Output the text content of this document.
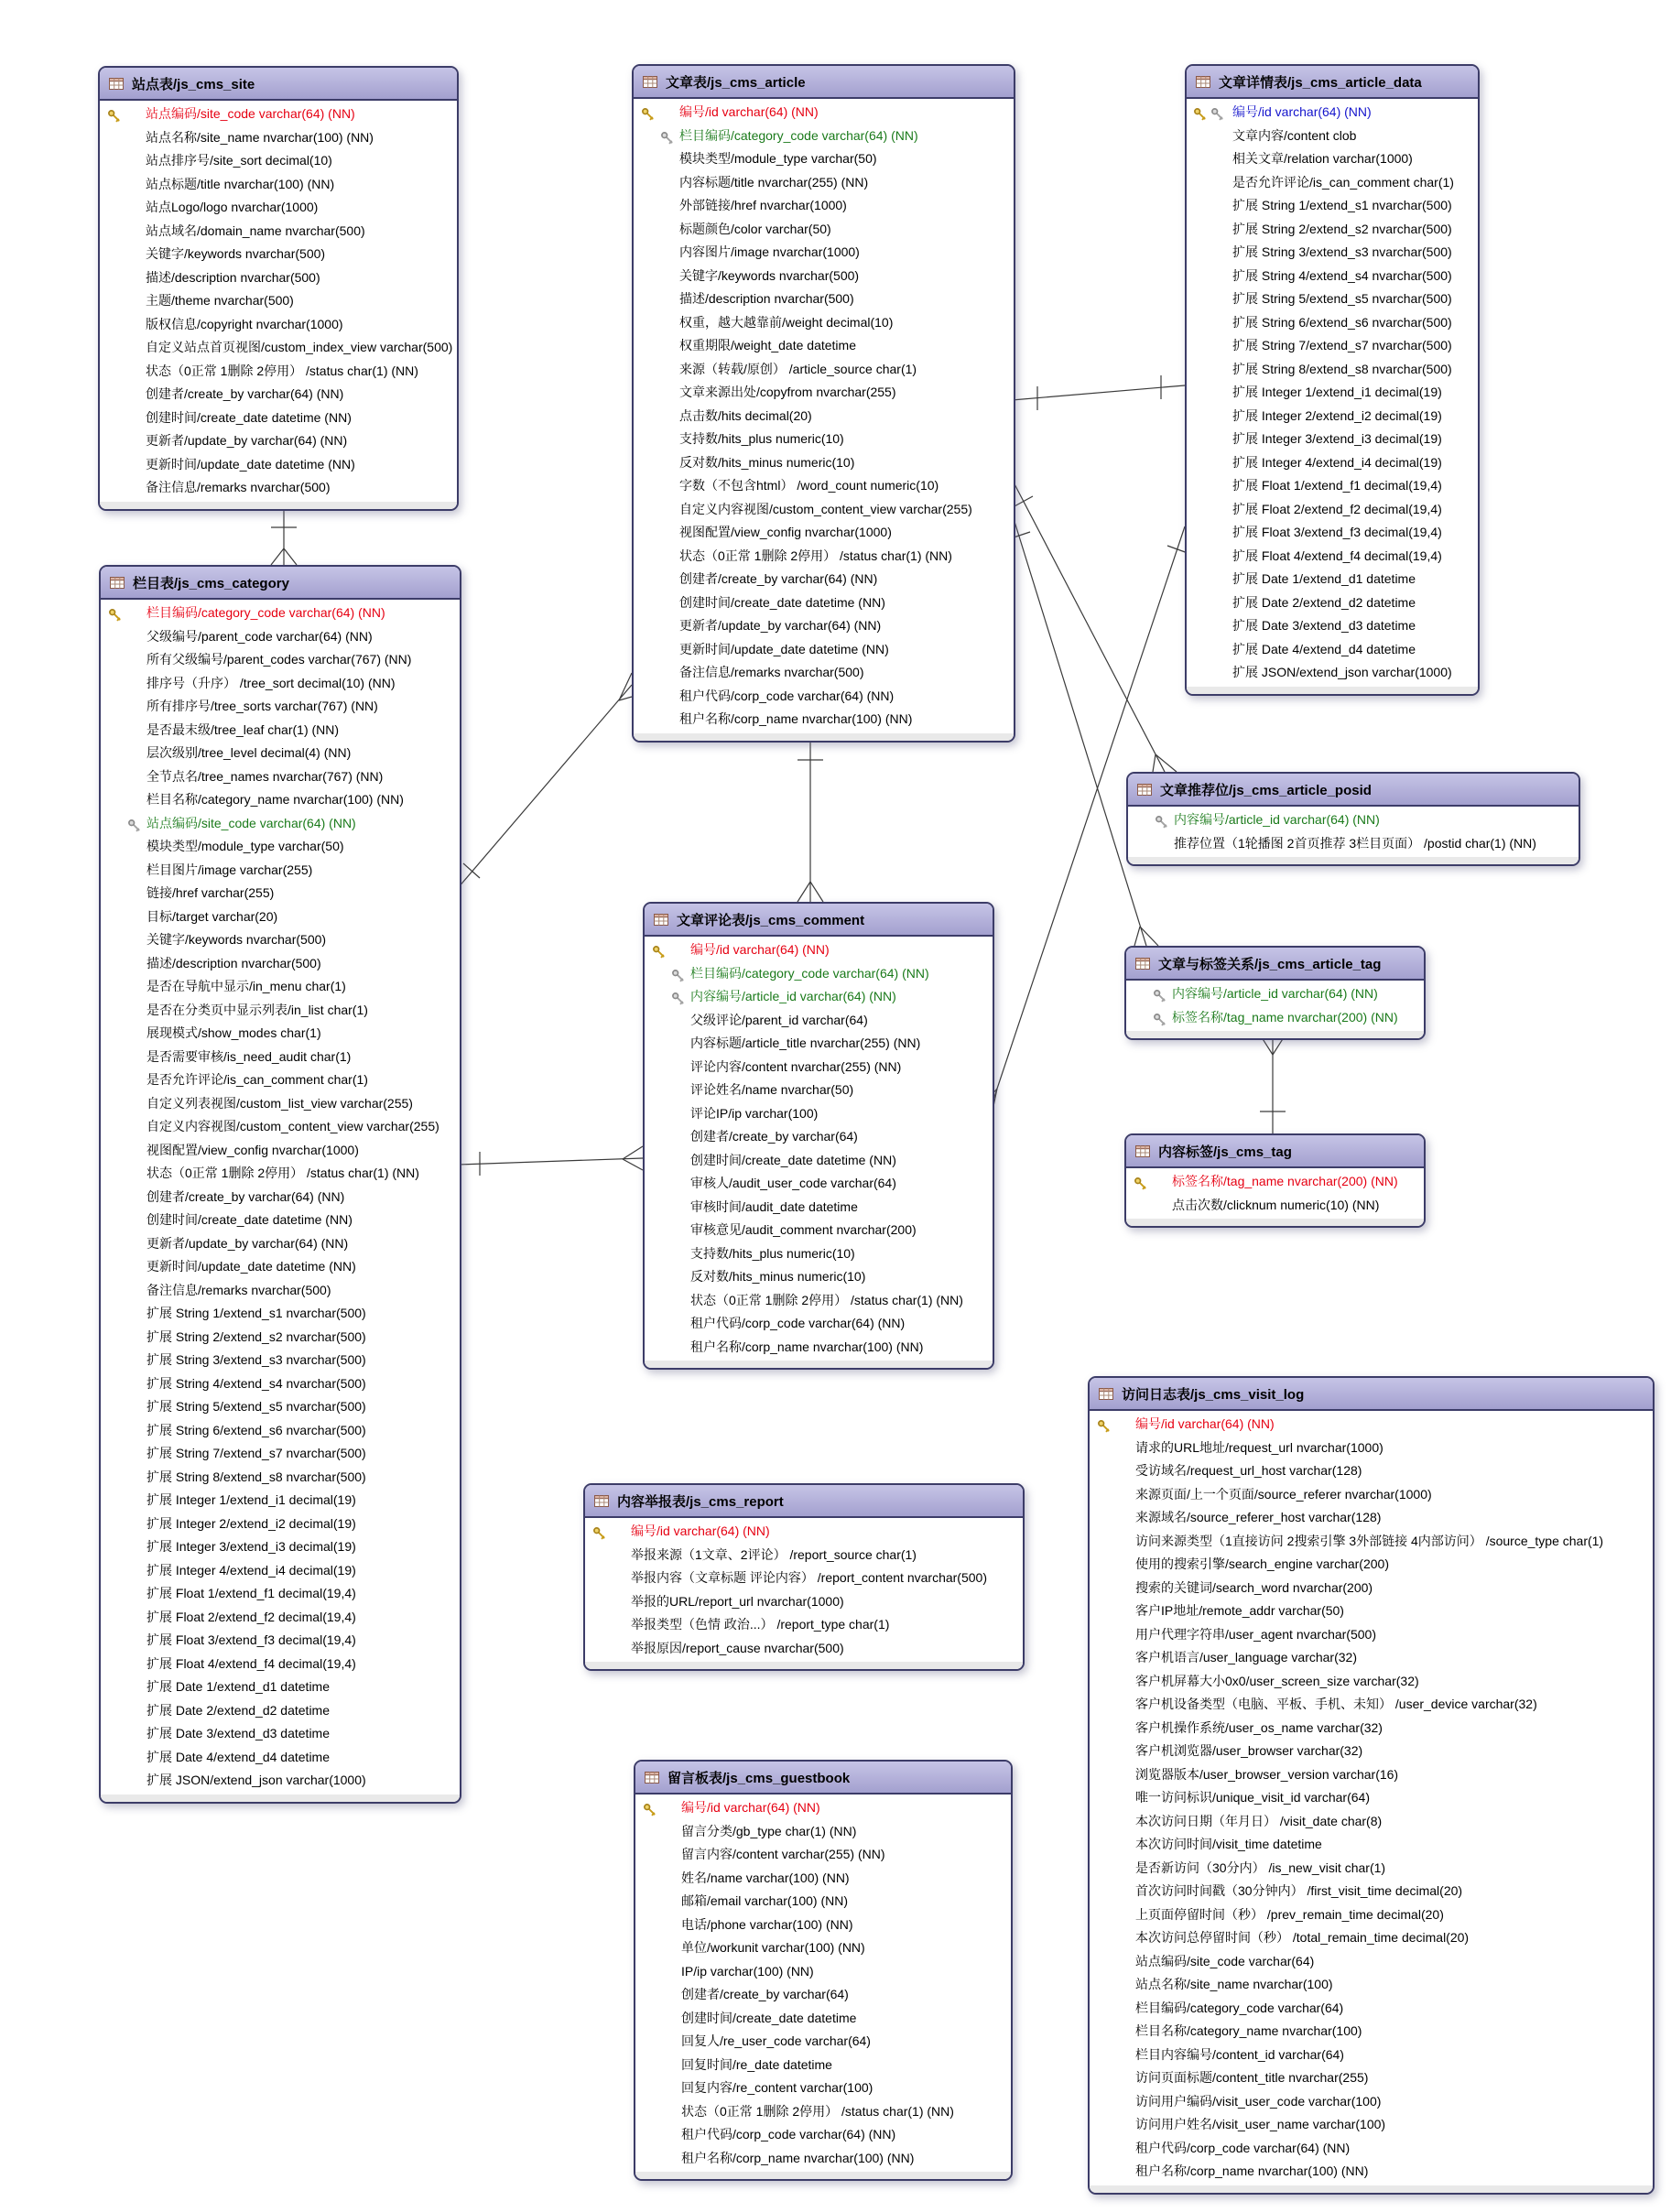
站点表/js_cms_site
站点编码/site_code varchar(64) (NN)
站点名称/site_name nvarchar(100) (NN)
站点排序号/site_sort decimal(10)
站点标题/title nvarchar(100) (NN)
站点Logo/logo nvarchar(1000)
站点域名/domain_name nvarchar(500)
关键字/keywords nvarchar(500)
描述/description nvarchar(500)
主题/theme nvarchar(500)
版权信息/copyright nvarchar(1000)
自定义站点首页视图/custom_index_view varchar(500)
状态（0正常 1删除 2停用） /status char(1) (NN)
创建者/create_by varchar(64) (NN)
创建时间/create_date datetime (NN)
更新者/update_by varchar(64) (NN)
更新时间/update_date datetime (NN)
备注信息/remarks nvarchar(500)
栏目表/js_cms_category
栏目编码/category_code varchar(64) (NN)
父级编号/parent_code varchar(64) (NN)
所有父级编号/parent_codes varchar(767) (NN)
排序号（升序） /tree_sort decimal(10) (NN)
所有排序号/tree_sorts varchar(767) (NN)
是否最末级/tree_leaf char(1) (NN)
层次级别/tree_level decimal(4) (NN)
全节点名/tree_names nvarchar(767) (NN)
栏目名称/category_name nvarchar(100) (NN)
站点编码/site_code varchar(64) (NN)
模块类型/module_type varchar(50)
栏目图片/image varchar(255)
链接/href varchar(255)
目标/target varchar(20)
关键字/keywords nvarchar(500)
描述/description nvarchar(500)
是否在导航中显示/in_menu char(1)
是否在分类页中显示列表/in_list char(1)
展现模式/show_modes char(1)
是否需要审核/is_need_audit char(1)
是否允许评论/is_can_comment char(1)
自定义列表视图/custom_list_view varchar(255)
自定义内容视图/custom_content_view varchar(255)
视图配置/view_config nvarchar(1000)
状态（0正常 1删除 2停用） /status char(1) (NN)
创建者/create_by varchar(64) (NN)
创建时间/create_date datetime (NN)
更新者/update_by varchar(64) (NN)
更新时间/update_date datetime (NN)
备注信息/remarks nvarchar(500)
扩展 String 1/extend_s1 nvarchar(500)
扩展 String 2/extend_s2 nvarchar(500)
扩展 String 3/extend_s3 nvarchar(500)
扩展 String 4/extend_s4 nvarchar(500)
扩展 String 5/extend_s5 nvarchar(500)
扩展 String 6/extend_s6 nvarchar(500)
扩展 String 7/extend_s7 nvarchar(500)
扩展 String 8/extend_s8 nvarchar(500)
扩展 Integer 1/extend_i1 decimal(19)
扩展 Integer 2/extend_i2 decimal(19)
扩展 Integer 3/extend_i3 decimal(19)
扩展 Integer 4/extend_i4 decimal(19)
扩展 Float 1/extend_f1 decimal(19,4)
扩展 Float 2/extend_f2 decimal(19,4)
扩展 Float 3/extend_f3 decimal(19,4)
扩展 Float 4/extend_f4 decimal(19,4)
扩展 Date 1/extend_d1 datetime
扩展 Date 2/extend_d2 datetime
扩展 Date 3/extend_d3 datetime
扩展 Date 4/extend_d4 datetime
扩展 JSON/extend_json varchar(1000)
文章表/js_cms_article
编号/id varchar(64) (NN)
栏目编码/category_code varchar(64) (NN)
模块类型/module_type varchar(50)
内容标题/title nvarchar(255) (NN)
外部链接/href nvarchar(1000)
标题颜色/color varchar(50)
内容图片/image nvarchar(1000)
关键字/keywords nvarchar(500)
描述/description nvarchar(500)
权重，越大越靠前/weight decimal(10)
权重期限/weight_date datetime
来源（转载/原创） /article_source char(1)
文章来源出处/copyfrom nvarchar(255)
点击数/hits decimal(20)
支持数/hits_plus numeric(10)
反对数/hits_minus numeric(10)
字数（不包含html） /word_count numeric(10)
自定义内容视图/custom_content_view varchar(255)
视图配置/view_config nvarchar(1000)
状态（0正常 1删除 2停用） /status char(1) (NN)
创建者/create_by varchar(64) (NN)
创建时间/create_date datetime (NN)
更新者/update_by varchar(64) (NN)
更新时间/update_date datetime (NN)
备注信息/remarks nvarchar(500)
租户代码/corp_code varchar(64) (NN)
租户名称/corp_name nvarchar(100) (NN)
文章详情表/js_cms_article_data
编号/id varchar(64) (NN)
文章内容/content clob
相关文章/relation varchar(1000)
是否允许评论/is_can_comment char(1)
扩展 String 1/extend_s1 nvarchar(500)
扩展 String 2/extend_s2 nvarchar(500)
扩展 String 3/extend_s3 nvarchar(500)
扩展 String 4/extend_s4 nvarchar(500)
扩展 String 5/extend_s5 nvarchar(500)
扩展 String 6/extend_s6 nvarchar(500)
扩展 String 7/extend_s7 nvarchar(500)
扩展 String 8/extend_s8 nvarchar(500)
扩展 Integer 1/extend_i1 decimal(19)
扩展 Integer 2/extend_i2 decimal(19)
扩展 Integer 3/extend_i3 decimal(19)
扩展 Integer 4/extend_i4 decimal(19)
扩展 Float 1/extend_f1 decimal(19,4)
扩展 Float 2/extend_f2 decimal(19,4)
扩展 Float 3/extend_f3 decimal(19,4)
扩展 Float 4/extend_f4 decimal(19,4)
扩展 Date 1/extend_d1 datetime
扩展 Date 2/extend_d2 datetime
扩展 Date 3/extend_d3 datetime
扩展 Date 4/extend_d4 datetime
扩展 JSON/extend_json varchar(1000)
文章推荐位/js_cms_article_posid
内容编号/article_id varchar(64) (NN)
推荐位置（1轮播图 2首页推荐 3栏目页面） /postid char(1) (NN)
文章与标签关系/js_cms_article_tag
内容编号/article_id varchar(64) (NN)
标签名称/tag_name nvarchar(200) (NN)
内容标签/js_cms_tag
标签名称/tag_name nvarchar(200) (NN)
点击次数/clicknum numeric(10) (NN)
文章评论表/js_cms_comment
编号/id varchar(64) (NN)
栏目编码/category_code varchar(64) (NN)
内容编号/article_id varchar(64) (NN)
父级评论/parent_id varchar(64)
内容标题/article_title nvarchar(255) (NN)
评论内容/content nvarchar(255) (NN)
评论姓名/name nvarchar(50)
评论IP/ip varchar(100)
创建者/create_by varchar(64)
创建时间/create_date datetime (NN)
审核人/audit_user_code varchar(64)
审核时间/audit_date datetime
审核意见/audit_comment nvarchar(200)
支持数/hits_plus numeric(10)
反对数/hits_minus numeric(10)
状态（0正常 1删除 2停用） /status char(1) (NN)
租户代码/corp_code varchar(64) (NN)
租户名称/corp_name nvarchar(100) (NN)
内容举报表/js_cms_report
编号/id varchar(64) (NN)
举报来源（1文章、2评论） /report_source char(1)
举报内容（文章标题 评论内容） /report_content nvarchar(500)
举报的URL/report_url nvarchar(1000)
举报类型（色情 政治...） /report_type char(1)
举报原因/report_cause nvarchar(500)
留言板表/js_cms_guestbook
编号/id varchar(64) (NN)
留言分类/gb_type char(1) (NN)
留言内容/content varchar(255) (NN)
姓名/name varchar(100) (NN)
邮箱/email varchar(100) (NN)
电话/phone varchar(100) (NN)
单位/workunit varchar(100) (NN)
IP/ip varchar(100) (NN)
创建者/create_by varchar(64)
创建时间/create_date datetime
回复人/re_user_code varchar(64)
回复时间/re_date datetime
回复内容/re_content varchar(100)
状态（0正常 1删除 2停用） /status char(1) (NN)
租户代码/corp_code varchar(64) (NN)
租户名称/corp_name nvarchar(100) (NN)
访问日志表/js_cms_visit_log
编号/id varchar(64) (NN)
请求的URL地址/request_url nvarchar(1000)
受访域名/request_url_host varchar(128)
来源页面/上一个页面/source_referer nvarchar(1000)
来源域名/source_referer_host varchar(128)
访问来源类型（1直接访问 2搜索引擎 3外部链接 4内部访问） /source_type char(1)
使用的搜索引擎/search_engine varchar(200)
搜索的关键词/search_word nvarchar(200)
客户IP地址/remote_addr varchar(50)
用户代理字符串/user_agent nvarchar(500)
客户机语言/user_language varchar(32)
客户机屏幕大小0x0/user_screen_size varchar(32)
客户机设备类型（电脑、平板、手机、未知） /user_device varchar(32)
客户机操作系统/user_os_name varchar(32)
客户机浏览器/user_browser varchar(32)
浏览器版本/user_browser_version varchar(16)
唯一访问标识/unique_visit_id varchar(64)
本次访问日期（年月日） /visit_date char(8)
本次访问时间/visit_time datetime
是否新访问（30分内） /is_new_visit char(1)
首次访问时间戳（30分钟内） /first_visit_time decimal(20)
上页面停留时间（秒） /prev_remain_time decimal(20)
本次访问总停留时间（秒） /total_remain_time decimal(20)
站点编码/site_code varchar(64)
站点名称/site_name nvarchar(100)
栏目编码/category_code varchar(64)
栏目名称/category_name nvarchar(100)
栏目内容编号/content_id varchar(64)
访问页面标题/content_title nvarchar(255)
访问用户编码/visit_user_code varchar(100)
访问用户姓名/visit_user_name varchar(100)
租户代码/corp_code varchar(64) (NN)
租户名称/corp_name nvarchar(100) (NN)
